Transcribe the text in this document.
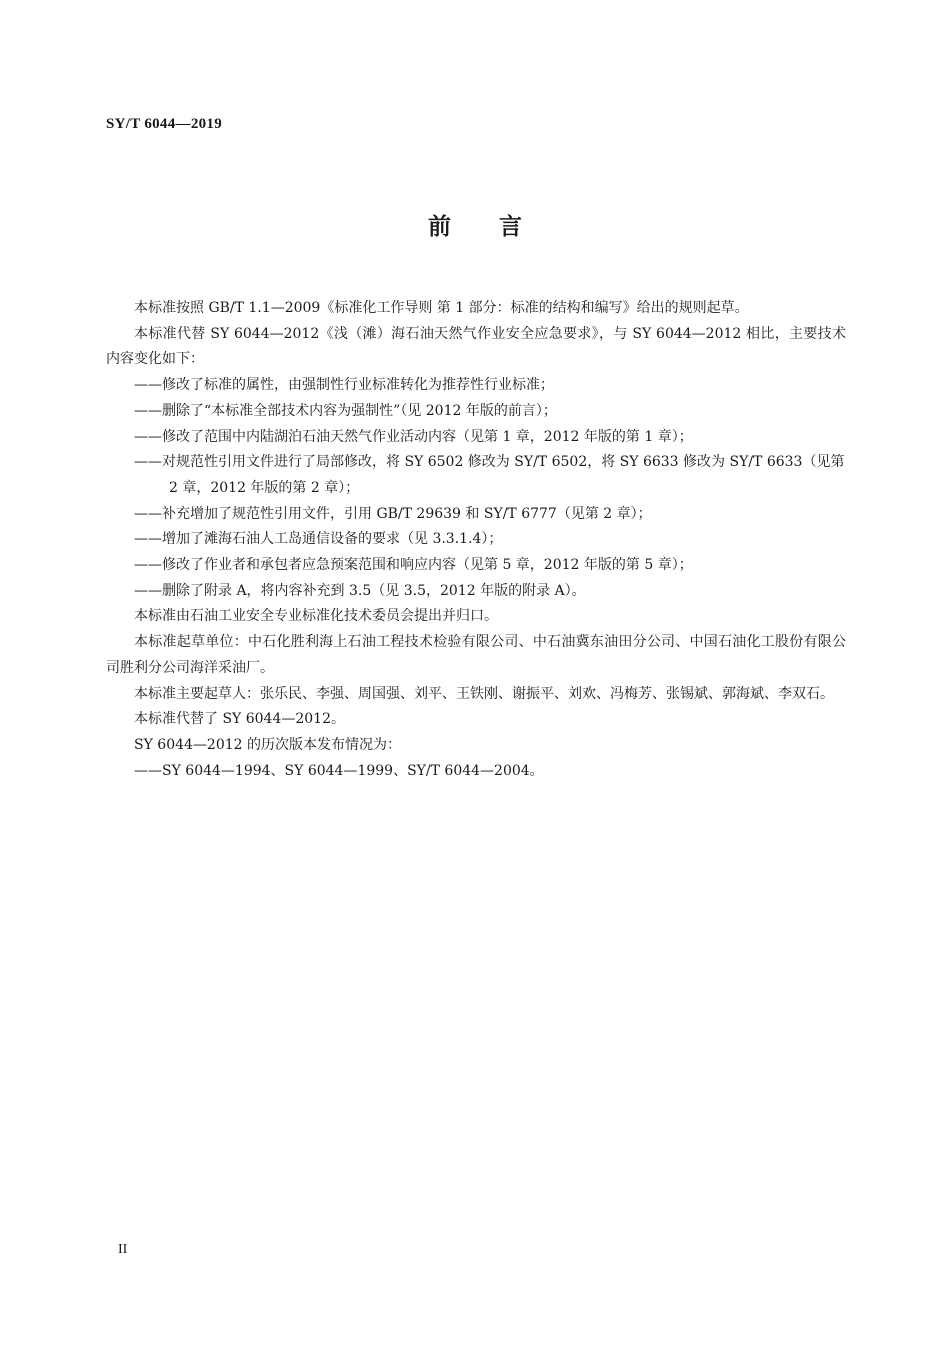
SY/T 6044—2019
前言

本标准按照 GB/T 1.1—2009《标准化工作导则 第 1 部分：标准的结构和编写》给出的规则起草。

本标准代替 SY 6044—2012《浅（滩）海石油天然气作业安全应急要求》，与 SY 6044—2012 相比，主要技术内容变化如下：

——修改了标准的属性，由强制性行业标准转化为推荐性行业标准；

——删除了“本标准全部技术内容为强制性”（见 2012 年版的前言）；

——修改了范围中内陆湖泊石油天然气作业活动内容（见第 1 章，2012 年版的第 1 章）；

——对规范性引用文件进行了局部修改，将 SY 6502 修改为 SY/T 6502，将 SY 6633 修改为 SY/T 6633（见第 2 章，2012 年版的第 2 章）；

——补充增加了规范性引用文件，引用 GB/T 29639 和 SY/T 6777（见第 2 章）；

——增加了滩海石油人工岛通信设备的要求（见 3.3.1.4）；

——修改了作业者和承包者应急预案范围和响应内容（见第 5 章，2012 年版的第 5 章）；

——删除了附录 A，将内容补充到 3.5（见 3.5，2012 年版的附录 A）。

本标准由石油工业安全专业标准化技术委员会提出并归口。

本标准起草单位：中石化胜利海上石油工程技术检验有限公司、中石油冀东油田分公司、中国石油化工股份有限公司胜利分公司海洋采油厂。

本标准主要起草人：张乐民、李强、周国强、刘平、王铁刚、谢振平、刘欢、冯梅芳、张锡斌、郭海斌、李双石。

本标准代替了 SY 6044—2012。

SY 6044—2012 的历次版本发布情况为：

——SY 6044—1994、SY 6044—1999、SY/T 6044—2004。

II
